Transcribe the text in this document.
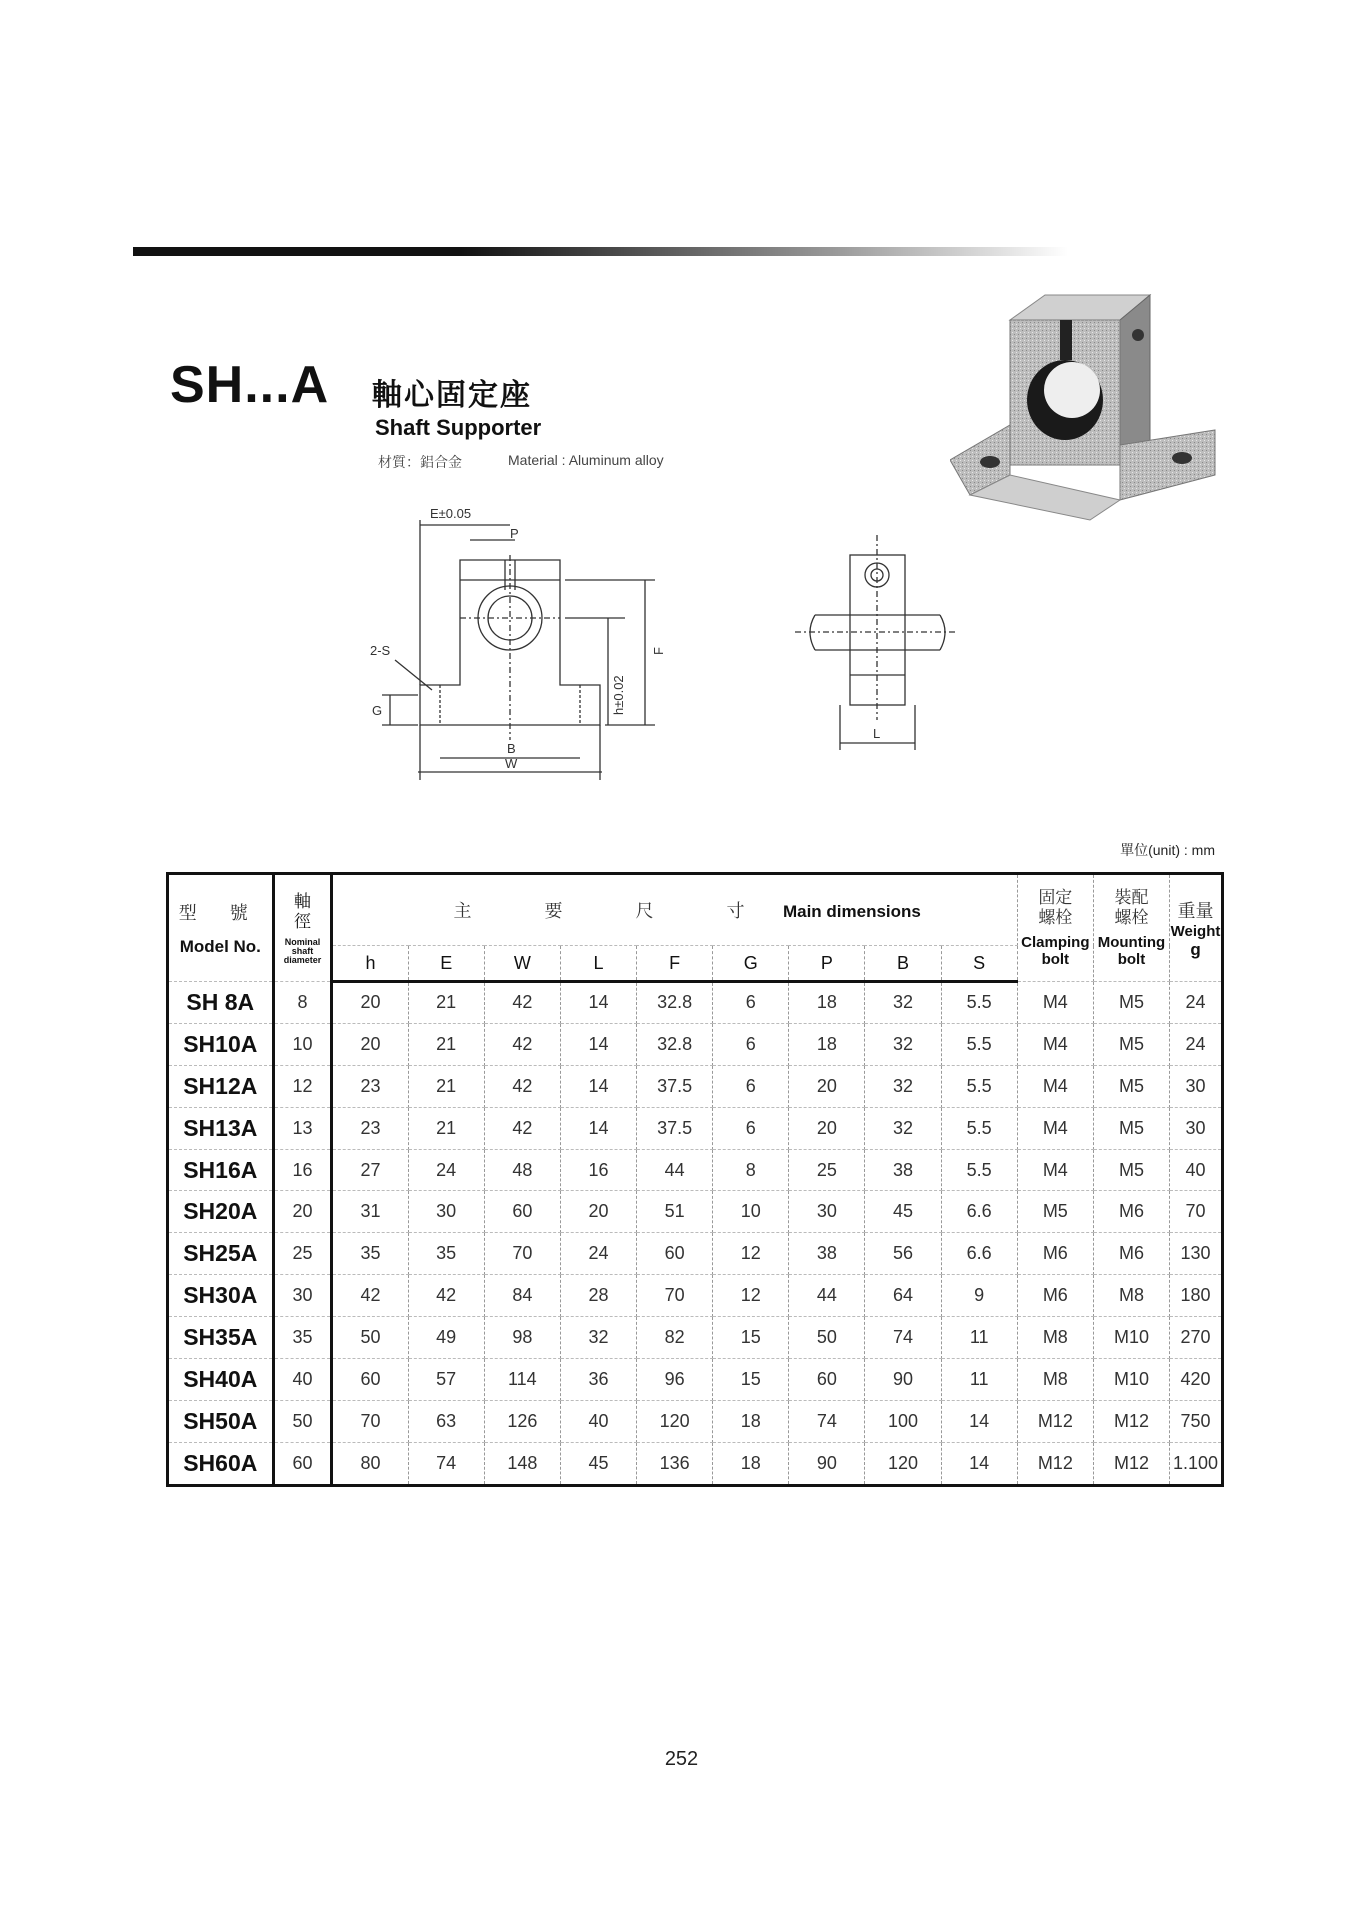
SH...A 軸心固定座
Shaft Supporter
材質：鋁合金	Material : Aluminum alloy
E±0.05
P
2-S
G
B
W
h±0.02
F
L
單位(unit) : mm
型 號
Model No.	軸徑
Nominal shaft diameter	主 要 尺 寸 Main dimensions									固定螺栓
Clamping bolt	裝配螺栓
Mounting bolt	重量
Weight
g

		h	E	W	L	F	G	P	B	S			
SH 8A	8	20	21	42	14	32.8	6	18	32	5.5	M4	M5	24
SH10A	10	20	21	42	14	32.8	6	18	32	5.5	M4	M5	24
SH12A	12	23	21	42	14	37.5	6	20	32	5.5	M4	M5	30
SH13A	13	23	21	42	14	37.5	6	20	32	5.5	M4	M5	30
SH16A	16	27	24	48	16	44	8	25	38	5.5	M4	M5	40
SH20A	20	31	30	60	20	51	10	30	45	6.6	M5	M6	70
SH25A	25	35	35	70	24	60	12	38	56	6.6	M6	M6	130
SH30A	30	42	42	84	28	70	12	44	64	9	M6	M8	180
SH35A	35	50	49	98	32	82	15	50	74	11	M8	M10	270
SH40A	40	60	57	114	36	96	15	60	90	11	M8	M10	420
SH50A	50	70	63	126	40	120	18	74	100	14	M12	M12	750
SH60A	60	80	74	148	45	136	18	90	120	14	M12	M12	1.100
252
